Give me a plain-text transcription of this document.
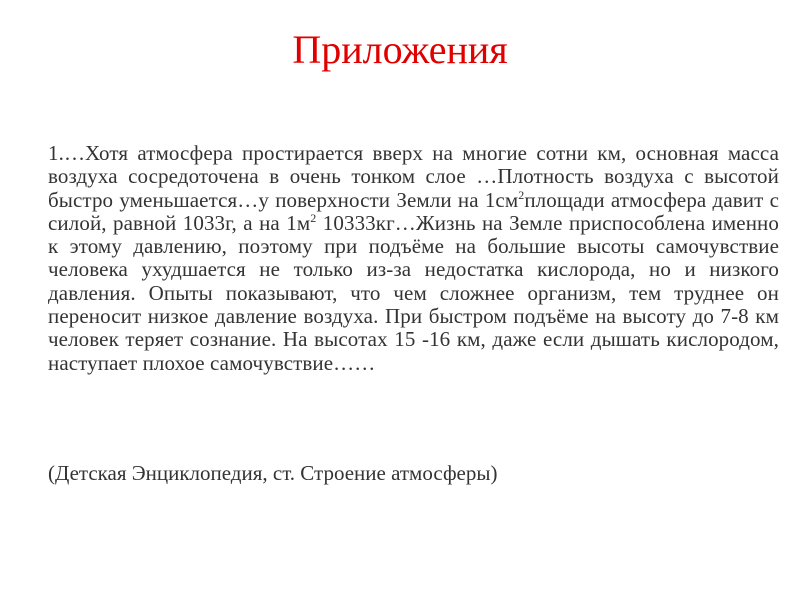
Приложения

1.…Хотя атмосфера простирается вверх на многие сотни км, основная масса воздуха сосредоточена в очень тонком слое …Плотность воздуха с высотой быстро уменьшается…у поверхности Земли на $1см^2площади$ атмосфера давит с силой, равной 1033г, а на $1м^2$ 10333кг…Жизнь на Земле приспособлена именно к этому давлению, поэтому при подъёме на большие высоты самочувствие человека ухудшается не только из-за недостатка кислорода, но и низкого давления. Опыты показывают, что чем сложнее организм, тем труднее он переносит низкое давление воздуха. При быстром подъёме на высоту до 7-8 км человек теряет сознание. На высотах 15 -16 км, даже если дышать кислородом, наступает плохое самочувствие……

(Детская Энциклопедия, ст. Строение атмосферы)
